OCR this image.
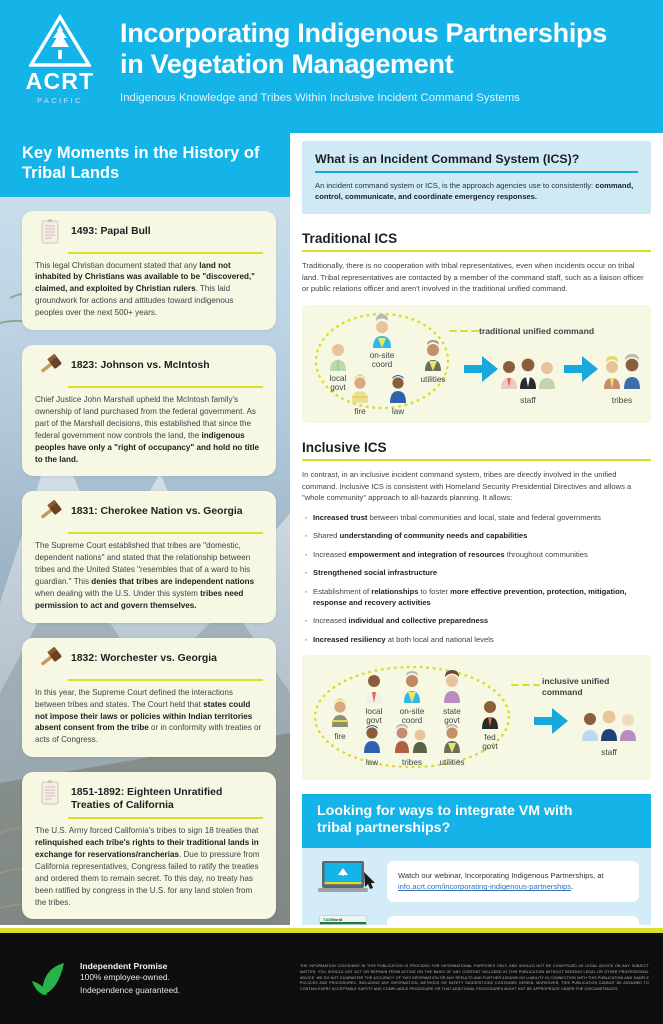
ACRT
PACIFIC
Incorporating Indigenous Partnerships
in Vegetation Management
Indigenous Knowledge and Tribes Within Inclusive Incident Command Systems
Key Moments in the History of Tribal Lands
1493: Papal Bull
This legal Christian document stated that any land not inhabited by Christians was available to be "discovered," claimed, and exploited by Christian rulers. This laid groundwork for actions and attitudes toward indigenous peoples over the next 500+ years.
1823: Johnson vs. McIntosh
Chief Justice John Marshall upheld the McIntosh family's ownership of land purchased from the federal government. As part of the Marshall decisions, this established that since the federal government now controls the land, the indigenous peoples have only a "right of occupancy" and hold no title to the land.
1831: Cherokee Nation vs. Georgia
The Supreme Court established that tribes are "domestic, dependent nations" and stated that the relationship between tribes and the United States "resembles that of a ward to his guardian." This denies that tribes are independent nations when dealing with the U.S. Under this system tribes need permission to act and govern themselves.
1832: Worchester vs. Georgia
In this year, the Supreme Court defined the interactions between tribes and states. The Court held that states could not impose their laws or policies within Indian territories absent consent from the tribe or in conformity with treaties or acts of Congress.
1851-1892: Eighteen Unratified Treaties of California
The U.S. Army forced California's tribes to sign 18 treaties that relinquished each tribe's rights to their traditional lands in exchange for reservations/rancherias. Due to pressure from California representatives, Congress failed to ratify the treaties and ordered them to remain secret. To this day, no treaty has been ratified by congress in the U.S. for any land stolen from the tribes.
What is an Incident Command System (ICS)?

An incident command system or ICS, is the approach agencies use to consistently: command, control, communicate, and coordinate emergency responses.

Traditional ICS

Traditionally, there is no cooperation with tribal representatives, even when incidents occur on tribal land. Tribal representatives are contacted by a member of the command staff, such as a liaison officer or public relations officer and aren't involved in the traditional unified command.

local
govt
on-site
coord
fire	law
utilities
traditional unified command
staff	tribes
Inclusive ICS

In contrast, in an inclusive incident command system, tribes are directly involved in the unified command. Inclusive ICS is consistent with Homeland Security Presidential Directives and allows a "whole community" approach to all-hazards planning. It allows:

· Increased trust between tribal communities and local, state and federal governments
· Shared understanding of community needs and capabilities
· Increased empowerment and integration of resources throughout communities
· Strengthened social infrastructure
· Establishment of relationships to foster more effective prevention, protection, mitigation, response and recovery activities
· Increased individual and collective preparedness
· Increased resiliency at both local and national levels
fire
local
govt
on-site
coord
state
govt
fed
govt
law	tribes utilities
inclusive unified
command
staff
Looking for ways to integrate VM with
tribal partnerships?
Watch our webinar, Incorporating Indigenous Partnerships, at info.acrt.com/incorporating-indigenous-partnerships.
T&D World
Independent Promise
100% employee-owned.
Independence guaranteed.
THE INFORMATION CONTAINED IN THIS PUBLICATION IS PROVIDED FOR INFORMATIONAL PURPOSES ONLY, AND SHOULD NOT BE CONSTRUED AS LEGAL ADVICE ON ANY SUBJECT MATTER. YOU SHOULD NOT ACT OR REFRAIN FROM ACTING ON THE BASIS OF ANY CONTENT INCLUDED IN THIS PUBLICATION WITHOUT SEEKING LEGAL OR OTHER PROFESSIONAL ADVICE. WE DO NOT GUARANTEE THE ACCURACY OF THIS INFORMATION OR ANY RESULTS AND FURTHER ASSUME NO LIABILITY IN CONNECTION WITH THIS PUBLICATION AND SAMPLE POLICIES AND PROCEDURES, INCLUDING ANY INFORMATION, METHODS OR SAFETY SUGGESTIONS CONTAINED HEREIN. MOREOVER, THIS PUBLICATION CANNOT BE ASSUMED TO CONTAIN EVERY ACCEPTABLE SAFETY AND COMPLIANCE PROCEDURE OR THAT ADDITIONAL PROCEDURES MIGHT NOT BE APPROPRIATE UNDER THE CIRCUMSTANCES.
